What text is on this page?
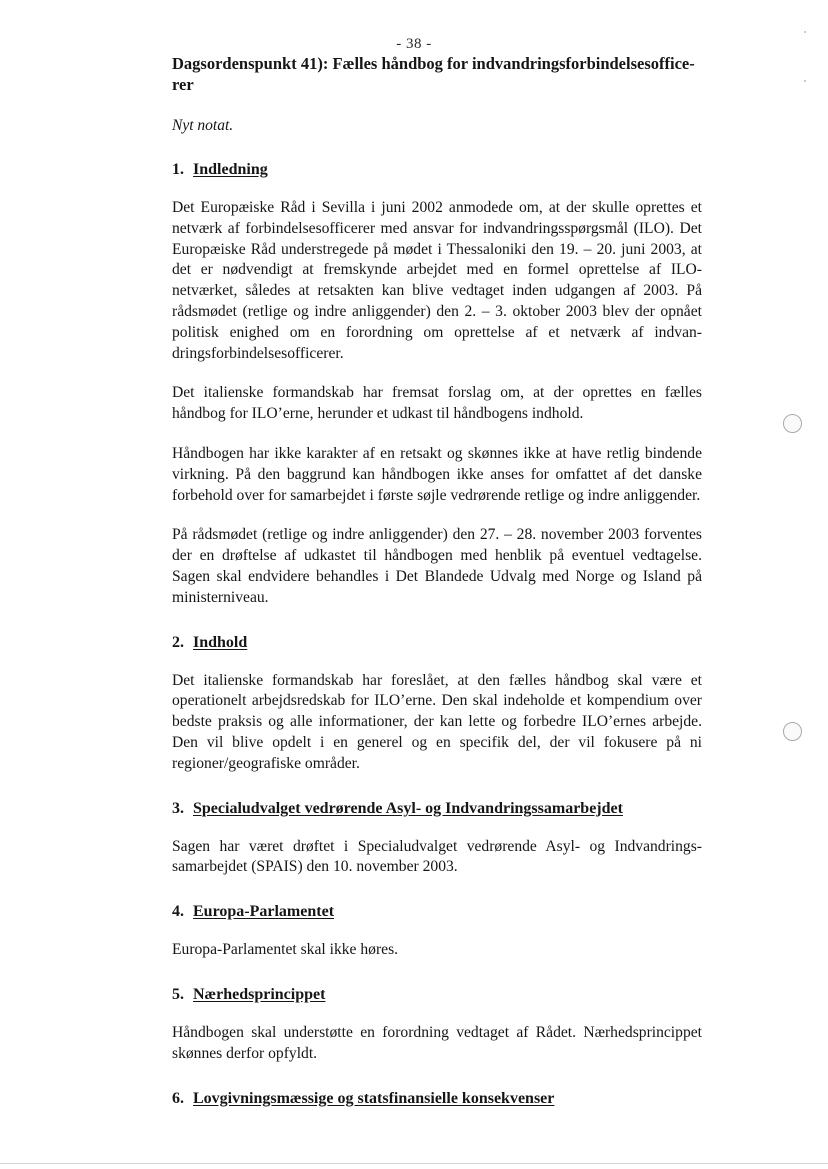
- 38 -
Dagsordenspunkt 41): Fælles håndbog for indvandringsforbindelsesoffice-
rer

Nyt notat.

1. Indledning

Det Europæiske Råd i Sevilla i juni 2002 anmodede om, at der skulle oprettes et netværk af forbindelsesofficerer med ansvar for indvandringsspørgsmål (ILO). Det Europæiske Råd understregede på mødet i Thessaloniki den 19. – 20. juni 2003, at det er nødvendigt at fremskynde arbejdet med en formel oprettelse af ILO-netværket, således at retsakten kan blive vedtaget inden udgangen af 2003. På rådsmødet (retlige og indre anliggender) den 2. – 3. oktober 2003 blev der opnået politisk enighed om en forordning om oprettelse af et netværk af indvandringsforbindelsesofficerer.

Det italienske formandskab har fremsat forslag om, at der oprettes en fælles håndbog for ILO’erne, herunder et udkast til håndbogens indhold.

Håndbogen har ikke karakter af en retsakt og skønnes ikke at have retlig bindende virkning. På den baggrund kan håndbogen ikke anses for omfattet af det danske forbehold over for samarbejdet i første søjle vedrørende retlige og indre anliggender.

På rådsmødet (retlige og indre anliggender) den 27. – 28. november 2003 forventes der en drøftelse af udkastet til håndbogen med henblik på eventuel vedtagelse. Sagen skal endvidere behandles i Det Blandede Udvalg med Norge og Island på ministerniveau.

2. Indhold

Det italienske formandskab har foreslået, at den fælles håndbog skal være et operationelt arbejdsredskab for ILO’erne. Den skal indeholde et kompendium over bedste praksis og alle informationer, der kan lette og forbedre ILO’ernes arbejde. Den vil blive opdelt i en generel og en specifik del, der vil fokusere på ni regioner/geografiske områder.

3. Specialudvalget vedrørende Asyl- og Indvandringssamarbejdet

Sagen har været drøftet i Specialudvalget vedrørende Asyl- og Indvandringssamarbejdet (SPAIS) den 10. november 2003.

4. Europa-Parlamentet

Europa-Parlamentet skal ikke høres.

5. Nærhedsprincippet

Håndbogen skal understøtte en forordning vedtaget af Rådet. Nærhedsprincippet skønnes derfor opfyldt.

6. Lovgivningsmæssige og statsfinansielle konsekvenser
